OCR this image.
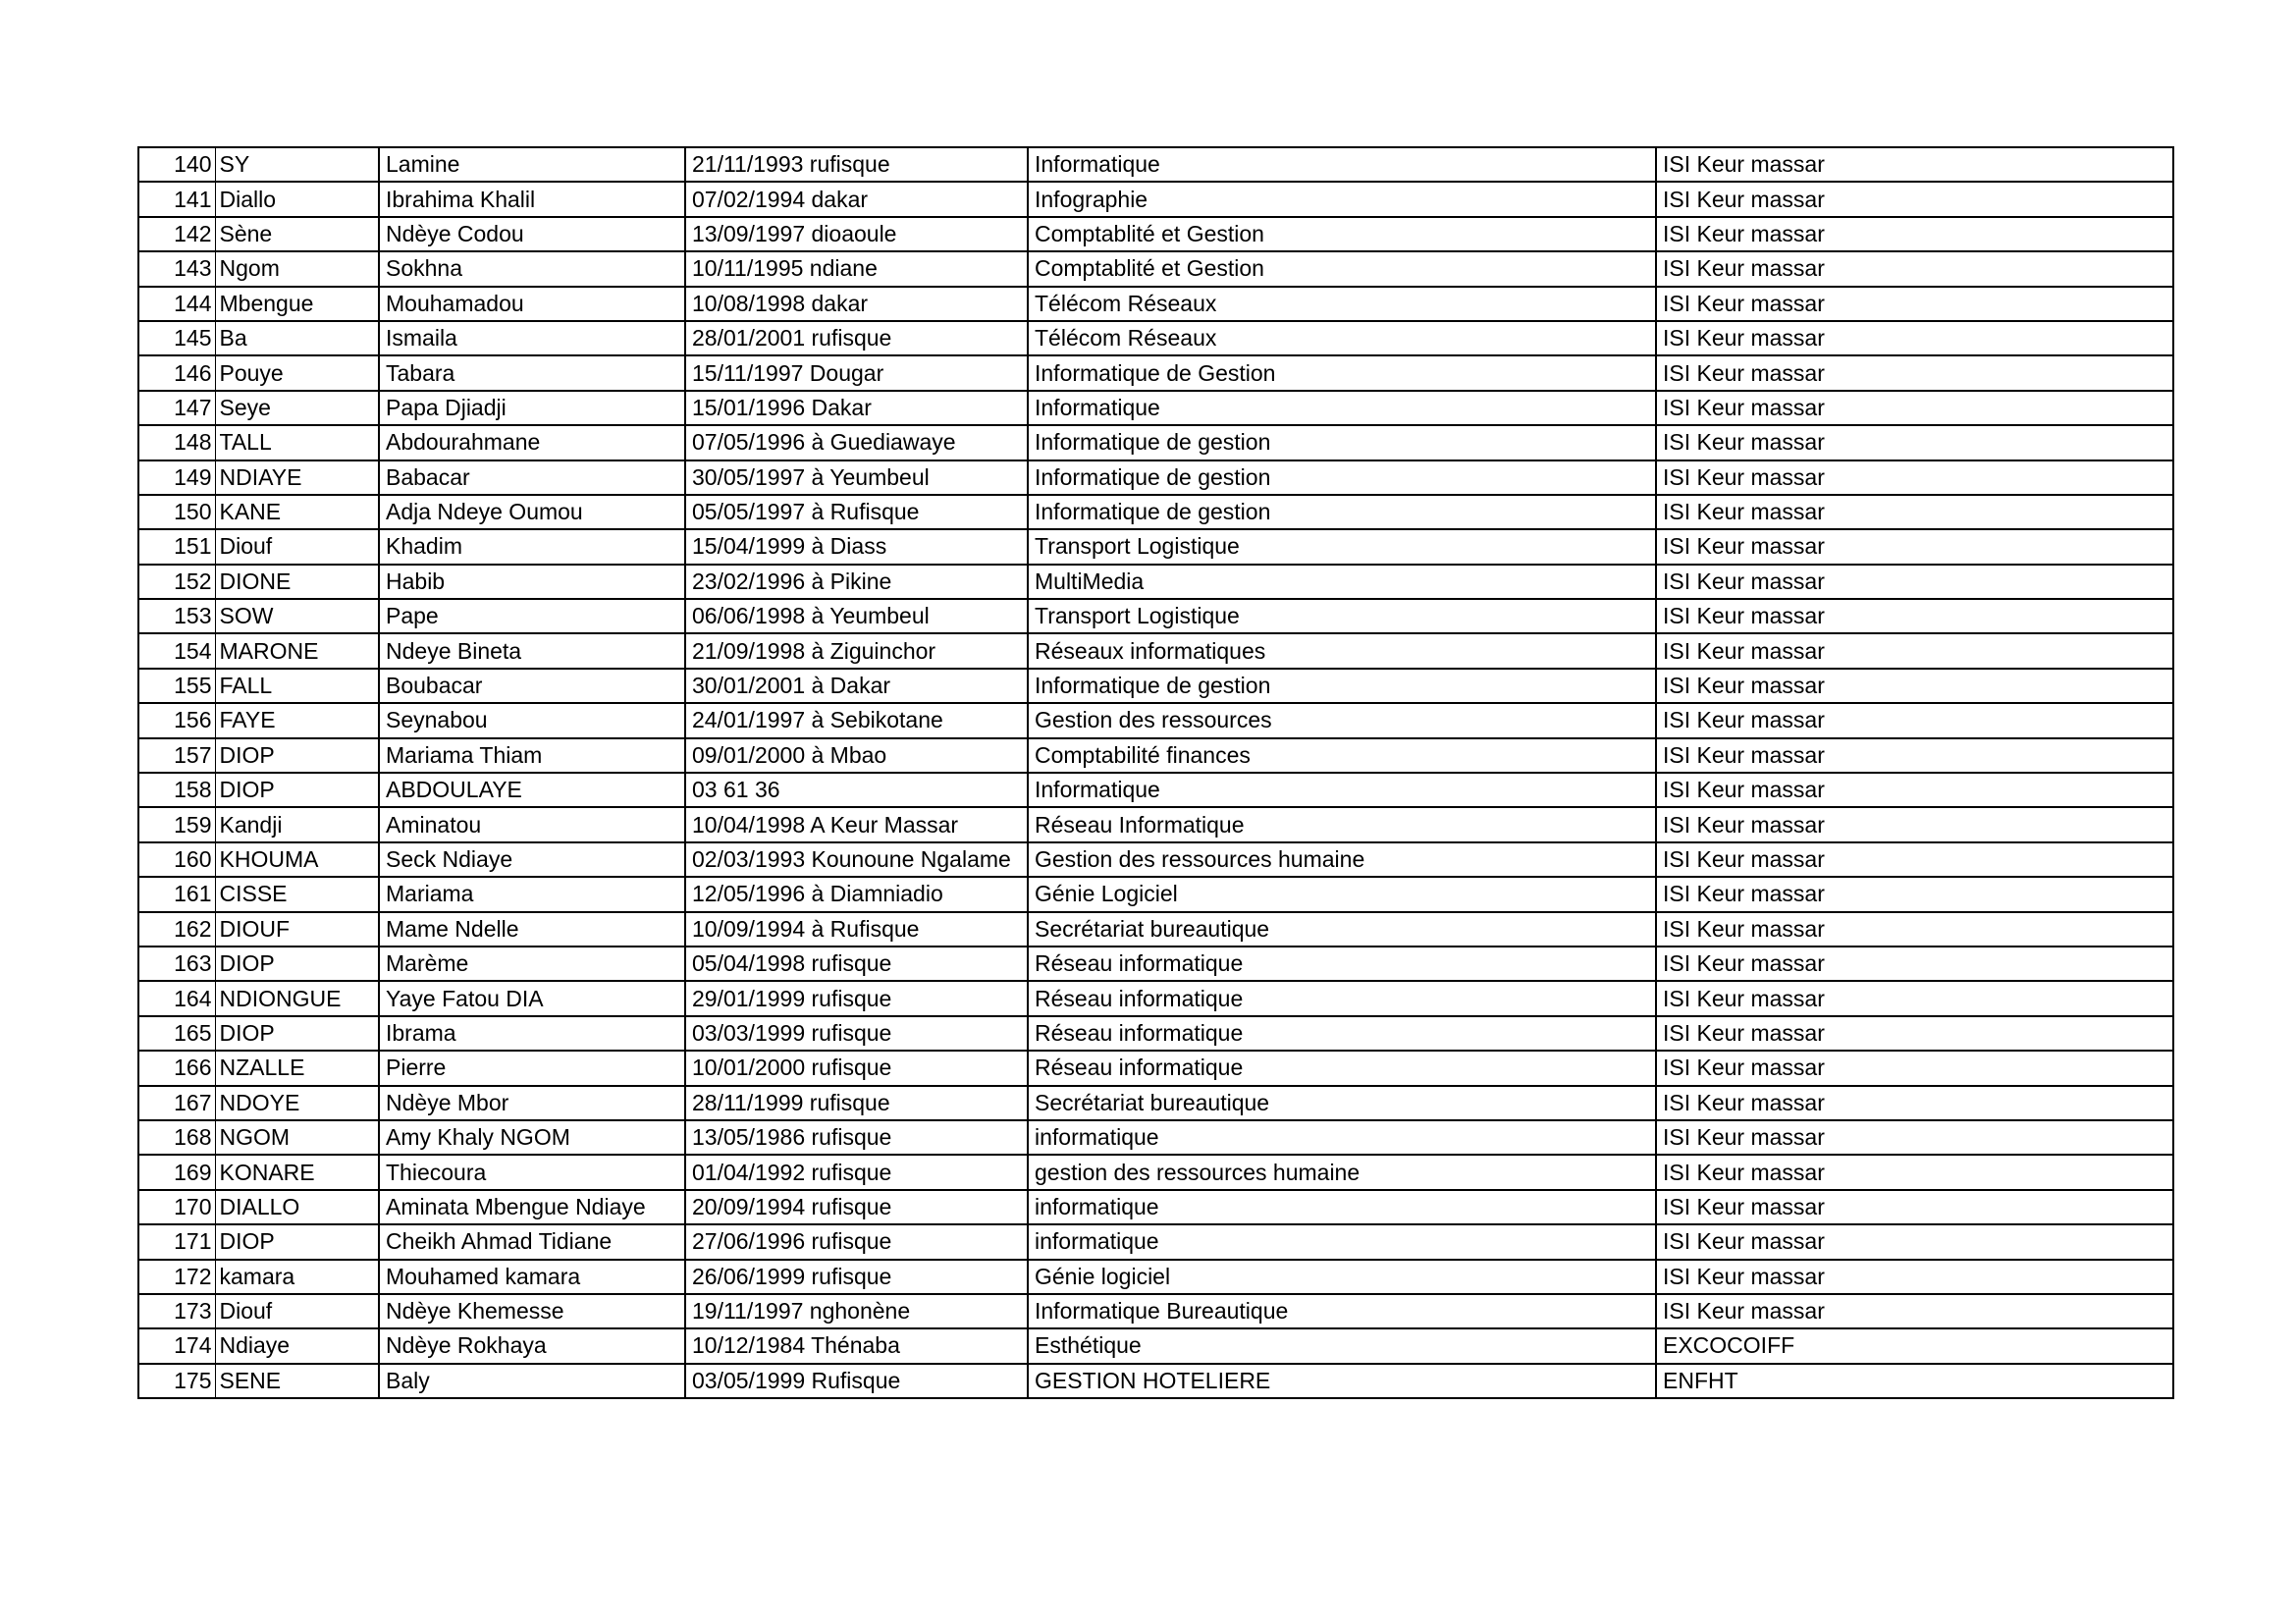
140	SY	Lamine	21/11/1993 rufisque	Informatique	ISI Keur massar
141	Diallo	Ibrahima Khalil	07/02/1994 dakar	Infographie	ISI Keur massar
142	Sène	Ndèye Codou	13/09/1997 dioaoule	Comptablité et Gestion	ISI Keur massar
143	Ngom	Sokhna	10/11/1995 ndiane	Comptablité et Gestion	ISI Keur massar
144	Mbengue	Mouhamadou	10/08/1998 dakar	Télécom Réseaux	ISI Keur massar
145	Ba	Ismaila	28/01/2001 rufisque	Télécom Réseaux	ISI Keur massar
146	Pouye	Tabara	15/11/1997 Dougar	Informatique de Gestion	ISI Keur massar
147	Seye	Papa Djiadji	15/01/1996 Dakar	Informatique	ISI Keur massar
148	TALL	Abdourahmane	07/05/1996 à Guediawaye	Informatique de gestion	ISI Keur massar
149	NDIAYE	Babacar	30/05/1997 à Yeumbeul	Informatique de gestion	ISI Keur massar
150	KANE	Adja Ndeye Oumou	05/05/1997 à Rufisque	Informatique de gestion	ISI Keur massar
151	Diouf	Khadim	15/04/1999 à Diass	Transport Logistique	ISI Keur massar
152	DIONE	Habib	23/02/1996 à Pikine	MultiMedia	ISI Keur massar
153	SOW	Pape	06/06/1998 à Yeumbeul	Transport Logistique	ISI Keur massar
154	MARONE	Ndeye Bineta	21/09/1998 à Ziguinchor	Réseaux informatiques	ISI Keur massar
155	FALL	Boubacar	30/01/2001 à Dakar	Informatique de gestion	ISI Keur massar
156	FAYE	Seynabou	24/01/1997 à Sebikotane	Gestion des ressources	ISI Keur massar
157	DIOP	Mariama Thiam	09/01/2000 à Mbao	Comptabilité finances	ISI Keur massar
158	DIOP	ABDOULAYE	03 61 36	Informatique	ISI Keur massar
159	Kandji	Aminatou	10/04/1998 A Keur Massar	Réseau Informatique	ISI Keur massar
160	KHOUMA	Seck Ndiaye	02/03/1993 Kounoune Ngalame	Gestion des ressources humaine	ISI Keur massar
161	CISSE	Mariama	12/05/1996 à Diamniadio	Génie Logiciel	ISI Keur massar
162	DIOUF	Mame Ndelle	10/09/1994 à Rufisque	Secrétariat bureautique	ISI Keur massar
163	DIOP	Marème	05/04/1998 rufisque	Réseau informatique	ISI Keur massar
164	NDIONGUE	Yaye Fatou DIA	29/01/1999 rufisque	Réseau informatique	ISI Keur massar
165	DIOP	Ibrama	03/03/1999 rufisque	Réseau informatique	ISI Keur massar
166	NZALLE	Pierre	10/01/2000 rufisque	Réseau informatique	ISI Keur massar
167	NDOYE	Ndèye Mbor	28/11/1999 rufisque	Secrétariat bureautique	ISI Keur massar
168	NGOM	Amy Khaly NGOM	13/05/1986 rufisque	informatique	ISI Keur massar
169	KONARE	Thiecoura	01/04/1992 rufisque	gestion des ressources humaine	ISI Keur massar
170	DIALLO	Aminata Mbengue Ndiaye	20/09/1994 rufisque	informatique	ISI Keur massar
171	DIOP	Cheikh Ahmad Tidiane	27/06/1996 rufisque	informatique	ISI Keur massar
172	kamara	Mouhamed kamara	26/06/1999 rufisque	Génie logiciel	ISI Keur massar
173	Diouf	Ndèye Khemesse	19/11/1997 nghonène	Informatique Bureautique	ISI Keur massar
174	Ndiaye	Ndèye Rokhaya	10/12/1984 Thénaba	Esthétique	EXCOCOIFF
175	SENE	Baly	03/05/1999 Rufisque	GESTION HOTELIERE	ENFHT
